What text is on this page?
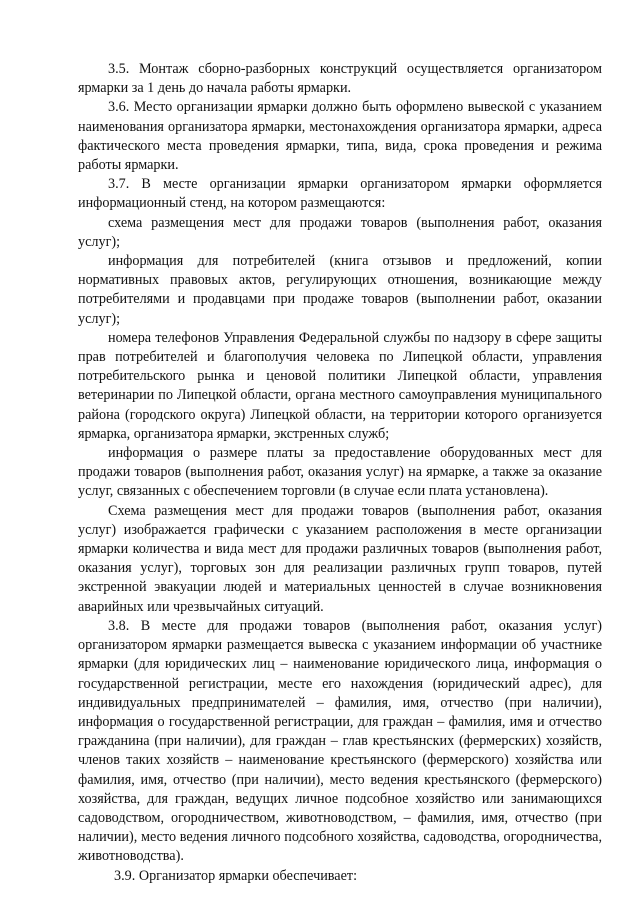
3.5. Монтаж сборно-разборных конструкций осуществляется организатором ярмарки за 1 день до начала работы ярмарки.

3.6. Место организации ярмарки должно быть оформлено вывеской с указанием наименования организатора ярмарки, местонахождения организатора ярмарки, адреса фактического места проведения ярмарки, типа, вида, срока проведения и режима работы ярмарки.

3.7. В месте организации ярмарки организатором ярмарки оформляется информационный стенд, на котором размещаются:

схема размещения мест для продажи товаров (выполнения работ, оказания услуг);

информация для потребителей (книга отзывов и предложений, копии нормативных правовых актов, регулирующих отношения, возникающие между потребителями и продавцами при продаже товаров (выполнении работ, оказании услуг);

номера телефонов Управления Федеральной службы по надзору в сфере защиты прав потребителей и благополучия человека по Липецкой области, управления потребительского рынка и ценовой политики Липецкой области, управления ветеринарии по Липецкой области, органа местного самоуправления муниципального района (городского округа) Липецкой области, на территории которого организуется ярмарка, организатора ярмарки, экстренных служб;

информация о размере платы за предоставление оборудованных мест для продажи товаров (выполнения работ, оказания услуг) на ярмарке, а также за оказание услуг, связанных с обеспечением торговли (в случае если плата установлена).

Схема размещения мест для продажи товаров (выполнения работ, оказания услуг) изображается графически с указанием расположения в месте организации ярмарки количества и вида мест для продажи различных товаров (выполнения работ, оказания услуг), торговых зон для реализации различных групп товаров, путей экстренной эвакуации людей и материальных ценностей в случае возникновения аварийных или чрезвычайных ситуаций.

3.8. В месте для продажи товаров (выполнения работ, оказания услуг) организатором ярмарки размещается вывеска с указанием информации об участнике ярмарки (для юридических лиц – наименование юридического лица, информация о государственной регистрации, месте его нахождения (юридический адрес), для индивидуальных предпринимателей – фамилия, имя, отчество (при наличии), информация о государственной регистрации, для граждан – фамилия, имя и отчество гражданина (при наличии), для граждан – глав крестьянских (фермерских) хозяйств, членов таких хозяйств – наименование крестьянского (фермерского) хозяйства или фамилия, имя, отчество (при наличии), место ведения крестьянского (фермерского) хозяйства, для граждан, ведущих личное подсобное хозяйство или занимающихся садоводством, огородничеством, животноводством, – фамилия, имя, отчество (при наличии), место ведения личного подсобного хозяйства, садоводства, огородничества, животноводства).

3.9. Организатор ярмарки обеспечивает:
